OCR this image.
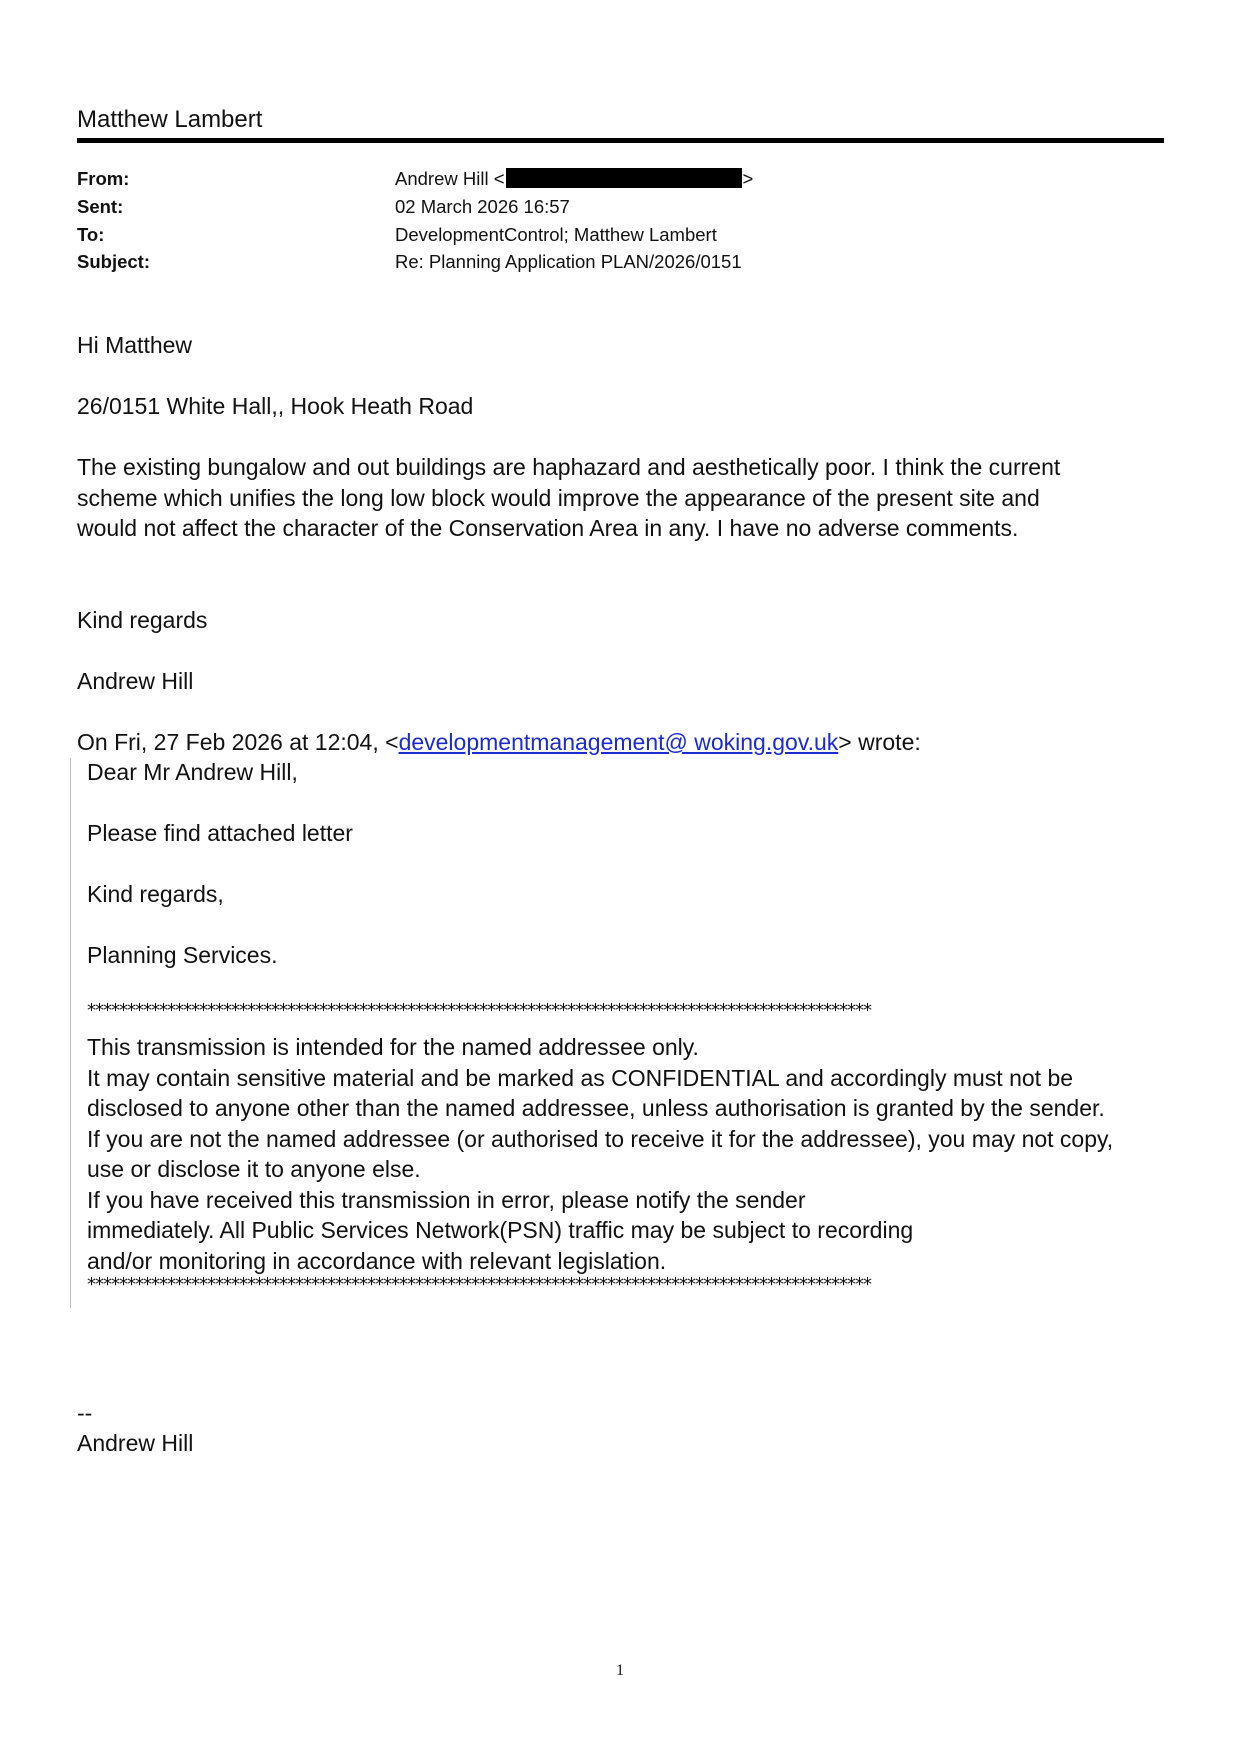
Matthew Lambert
From:	Andrew Hill <	>
Sent:	02 March 2026 16:57
To:	DevelopmentControl; Matthew Lambert
Subject:	Re: Planning Application PLAN/2026/0151
Hi Matthew
26/0151 White Hall,, Hook Heath Road
The existing bungalow and out buildings are haphazard and aesthetically poor. I think the current
scheme which unifies the long low block would improve the appearance of the present site and
would not affect the character of the Conservation Area in any. I have no adverse comments.
Kind regards
Andrew Hill
On Fri, 27 Feb 2026 at 12:04, <developmentmanagement@ woking.gov.uk> wrote:
Dear Mr Andrew Hill,
Please find attached letter
Kind regards,
Planning Services.
**************************************************************************************************
This transmission is intended for the named addressee only.
It may contain sensitive material and be marked as CONFIDENTIAL and accordingly must not be
disclosed to anyone other than the named addressee, unless authorisation is granted by the sender.
If you are not the named addressee (or authorised to receive it for the addressee), you may not copy,
use or disclose it to anyone else.
If you have received this transmission in error, please notify the sender
immediately. All Public Services Network(PSN) traffic may be subject to recording
and/or monitoring in accordance with relevant legislation.
**************************************************************************************************
--
Andrew Hill
1
